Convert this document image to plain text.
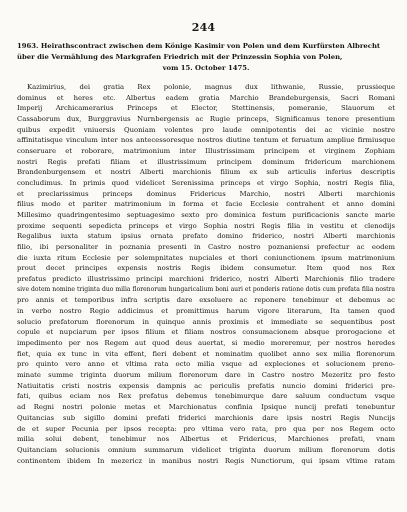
244
1963. Heirathscontract zwischen dem Könige Kasimir von Polen und dem Kurfürsten Albrecht
über die Vermählung des Markgrafen Friedrich mit der Prinzessin Sophia von Polen,

vom 15. October 1475.
Kazimirius, dei gratia Rex polonie, magnus dux lithwanie, Russie, prussieque
dominus et heres etc. Albertus eadem gratia Marchio Brandeburgensis, Sacri Romani
Imperij Archicamerarius Princeps et Elector, Stettinensis, pomeranie, Slauorum et
Cassaborum dux, Burggravius Nurnbergensis ac Rugie princeps, Significamus tenore presentium
quibus expedit vniuersis Quoniam volentes pro laude omnipotentis dei ac vicinie nostre
affinitatisque vinculum inter nos antecessoresque nostros diutine tentum et feruatum ampliue firmiusque
conseruare et roborare, matrimonium inter Illustrissimam principem et virginem Zophiam
nostri Regis prefati filiam et illustrissimum principem dominum fridericum marchionem
Brandenburgensem et nostri Alberti marchionis filium ex sub articulis inferius descriptis
concludimus. In primis quod videlicet Serenissima princeps et virgo Sophia, nostri Regis filia,
et preclarissimus princeps dominus Fridericus Marchio, nostri Alberti marchionis
filius modo et pariter matrimonium in forma et facie Ecclesie contrahent et anno domini
Millesimo quadringentesimo septuagesimo sexto pro dominica festum purificacionis sancte marie
proxime sequenti sepedicta princeps et virgo Sophia nostri Regis filia in vestitu et clenodijs
Regalibus iuxta statum ipsius ornata prefato domino friderico, nostri Alberti marchionis
filio, ibi personaliter in poznania presenti in Castro nostro poznaniensi prefectur ac eodem
die iuxta ritum Ecclesie per solempnitates nupciales et thori coniunctionem ipsum matrimonium
prout decet principes expensis nostris Regis ibidem consumetur. Item quod nos Rex
prefatus predicto illustrissimo principi marchioni friderico, nostri Alberti Marchionis filio tradere
sive dotem nomine triginta duo milia florenorum hungaricalium boni auri et ponderis ratione dotis cum prefata filia nostra
pro annis et temporibus infra scriptis dare exsoluere ac reponere tenebimur et debemus ac
in verbo nostro Regio addicimus et promittimus harum vigore literarum, Ita tamen quod
solucio prefatorum florenorum in quinque annis proximis et immediate se sequentibus post
copule et nupciarum per ipsos filium et filiam nostros consumacionem absque prorogacione et
impedimento per nos Regem aut quod deus auertat, si medio moreremur, per nostros heredes
fiet, quia ex tunc in vita effent, fieri debent et nominatim quolibet anno sex milia florenorum
pro quinto vero anno et vltima rata octo milia vsque ad expleciones et solucionem preno-
minate summe triginta duorum milium florenorum dare in Castro nostro Mezeritz pro festo
Natiuitatis cristi nostris expensis dampnis ac periculis prefatis nuncio domini friderici pre-
fati, quibus eciam nos Rex prefatus debemus tenebimurque dare saluum conductum vsque
ad Regni nostri polonie metas et Marchionatus confinia Ipsique nuncij prefati tenebuntur
Quitancias sub sigillo domini prefati friderici marchionis dare ipsis nostri Regis Nuncijs
de et super Pecunia per ipsos recepta: pro vltima vero rata, pro qua per nos Regem octo
milia solui debent, tenebimur nos Albertus et Fridericus, Marchiones prefati, vnam
Quitanciam solucionis omnium summarum videlicet triginta duorum milium florenorum dotis
continentem ibidem In mezericz in manibus nostri Regis Nunctiorum, qui ipsam vltime ratam
